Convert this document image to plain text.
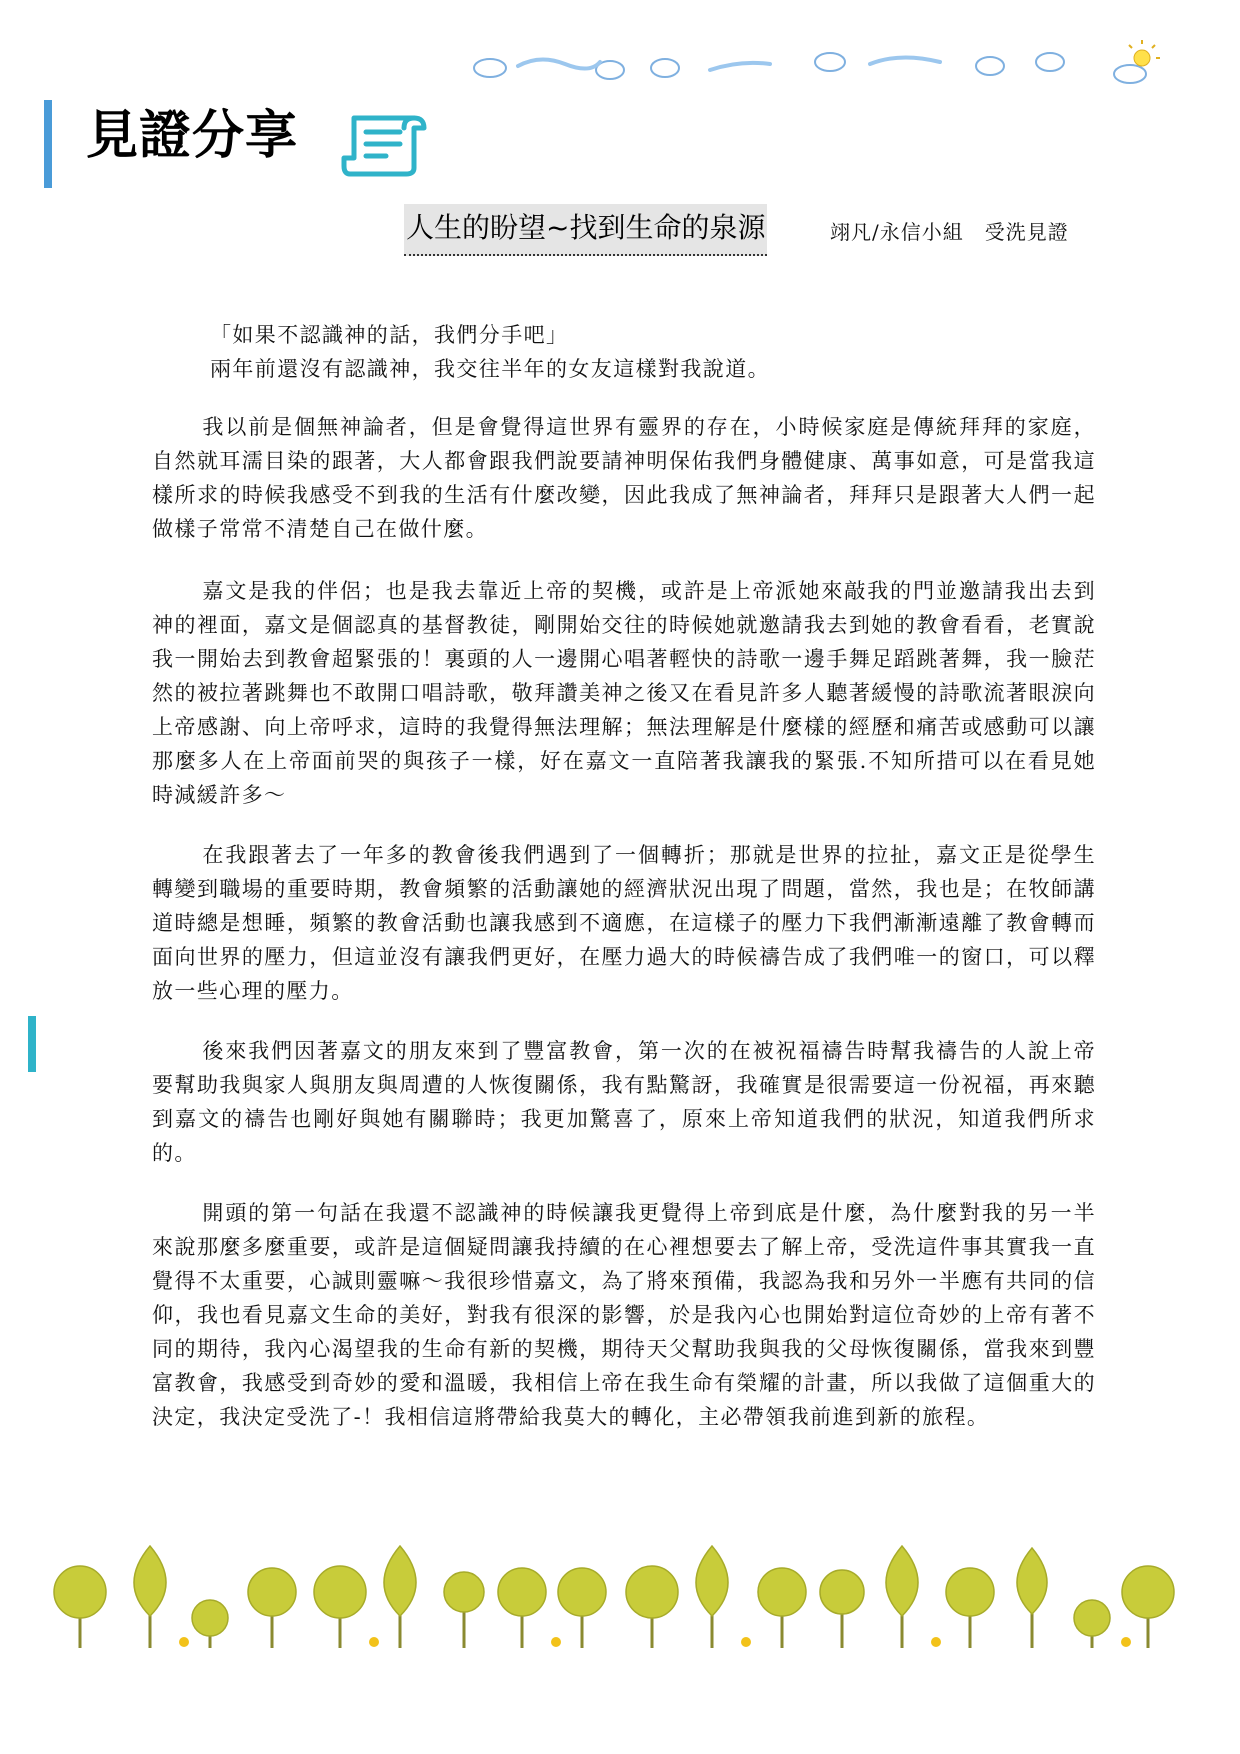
見證分享
人生的盼望~找到生命的泉源	翊凡/永信小組　受洗見證

「如果不認識神的話，我們分手吧」

兩年前還沒有認識神，我交往半年的女友這樣對我說道。

我以前是個無神論者，但是會覺得這世界有靈界的存在，小時候家庭是傳統拜拜的家庭，自然就耳濡目染的跟著，大人都會跟我們說要請神明保佑我們身體健康、萬事如意，可是當我這樣所求的時候我感受不到我的生活有什麼改變，因此我成了無神論者，拜拜只是跟著大人們一起做樣子常常不清楚自己在做什麼。

嘉文是我的伴侶；也是我去靠近上帝的契機，或許是上帝派她來敲我的門並邀請我出去到神的裡面，嘉文是個認真的基督教徒，剛開始交往的時候她就邀請我去到她的教會看看，老實說我一開始去到教會超緊張的！裏頭的人一邊開心唱著輕快的詩歌一邊手舞足蹈跳著舞，我一臉茫然的被拉著跳舞也不敢開口唱詩歌，敬拜讚美神之後又在看見許多人聽著緩慢的詩歌流著眼淚向上帝感謝、向上帝呼求，這時的我覺得無法理解；無法理解是什麼樣的經歷和痛苦或感動可以讓那麼多人在上帝面前哭的與孩子一樣，好在嘉文一直陪著我讓我的緊張.不知所措可以在看見她時減緩許多～

在我跟著去了一年多的教會後我們遇到了一個轉折；那就是世界的拉扯，嘉文正是從學生轉變到職場的重要時期，教會頻繁的活動讓她的經濟狀況出現了問題，當然，我也是；在牧師講道時總是想睡，頻繁的教會活動也讓我感到不適應，在這樣子的壓力下我們漸漸遠離了教會轉而面向世界的壓力，但這並沒有讓我們更好，在壓力過大的時候禱告成了我們唯一的窗口，可以釋放一些心理的壓力。

後來我們因著嘉文的朋友來到了豐富教會，第一次的在被祝福禱告時幫我禱告的人說上帝要幫助我與家人與朋友與周遭的人恢復關係，我有點驚訝，我確實是很需要這一份祝福，再來聽到嘉文的禱告也剛好與她有關聯時；我更加驚喜了，原來上帝知道我們的狀況，知道我們所求的。

開頭的第一句話在我還不認識神的時候讓我更覺得上帝到底是什麼，為什麼對我的另一半來說那麼多麼重要，或許是這個疑問讓我持續的在心裡想要去了解上帝，受洗這件事其實我一直覺得不太重要，心誠則靈嘛～我很珍惜嘉文，為了將來預備，我認為我和另外一半應有共同的信仰，我也看見嘉文生命的美好，對我有很深的影響，於是我內心也開始對這位奇妙的上帝有著不同的期待，我內心渴望我的生命有新的契機，期待天父幫助我與我的父母恢復關係，當我來到豐富教會，我感受到奇妙的愛和溫暖，我相信上帝在我生命有榮耀的計畫，所以我做了這個重大的決定，我決定受洗了-！我相信這將帶給我莫大的轉化，主必帶領我前進到新的旅程。
